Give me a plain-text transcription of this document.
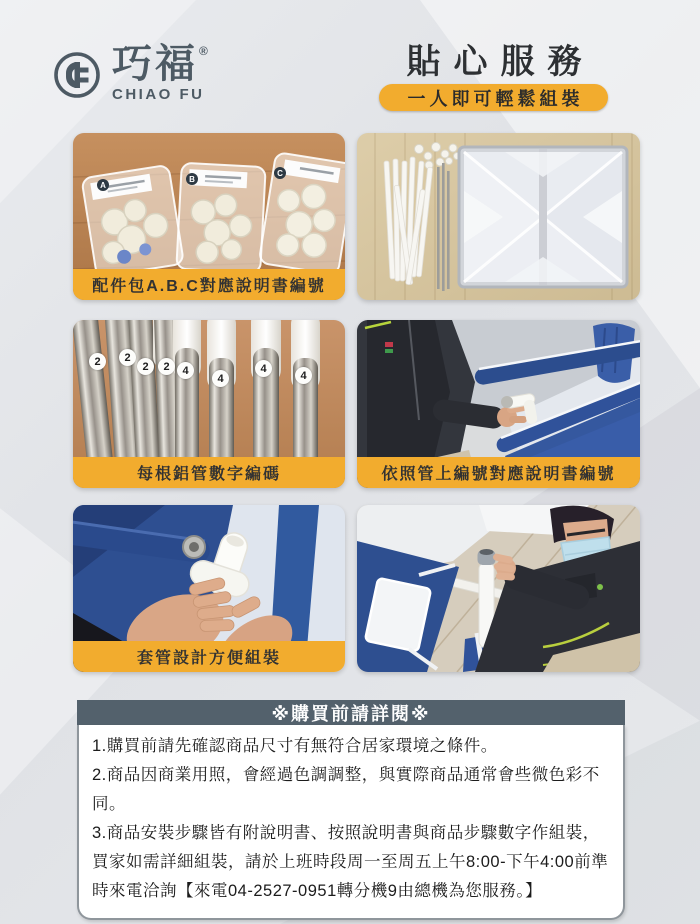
巧福®
CHIAO FU
貼心服務
一人即可輕鬆組裝
A
B
C
配件包A.B.C對應說明書編號
2	2
2	2	4
4
4
4
每根鋁管數字編碼	依照管上編號對應說明書編號
套管設計方便組裝
※購買前請詳閱※

1.購買前請先確認商品尺寸有無符合居家環境之條件。

2.商品因商業用照，會經過色調調整，與實際商品通常會些微色彩不同。

3.商品安裝步驟皆有附說明書、按照說明書與商品步驟數字作組裝，買家如需詳細組裝，請於上班時段周一至周五上午8:00-下午4:00前準時來電洽詢【來電04-2527-0951轉分機9由總機為您服務。】
